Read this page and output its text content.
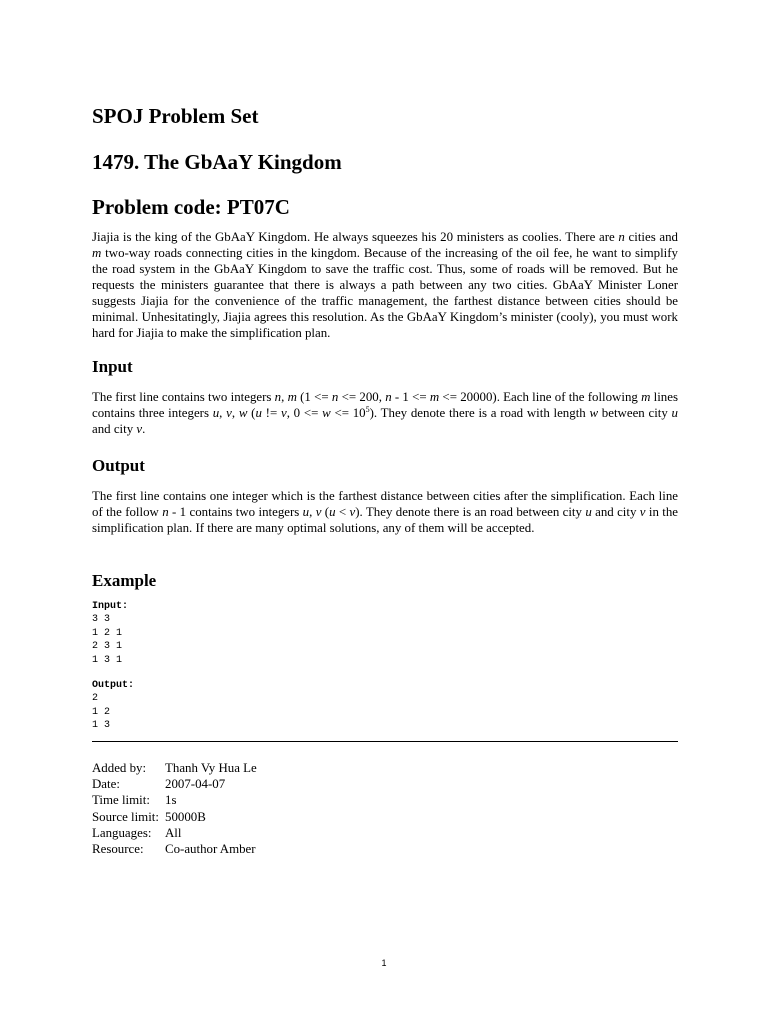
SPOJ Problem Set
1479. The GbAaY Kingdom
Problem code: PT07C

Jiajia is the king of the GbAaY Kingdom. He always squeezes his 20 ministers as coolies. There are n cities and m two-way roads connecting cities in the kingdom. Because of the increasing of the oil fee, he want to simplify the road system in the GbAaY Kingdom to save the traffic cost. Thus, some of roads will be removed. But he requests the ministers guarantee that there is always a path between any two cities. GbAaY Minister Loner suggests Jiajia for the convenience of the traffic management, the farthest distance between cities should be minimal. Unhesitatingly, Jiajia agrees this resolution. As the GbAaY Kingdom’s minister (cooly), you must work hard for Jiajia to make the simplification plan.

Input

The first line contains two integers n, m (1 <= n <= 200, n - 1 <= m <= 20000). Each line of the following m lines contains three integers u, v, w (u != v, $0 <= w <= 10^5$). They denote there is a road with length w between city u and city v.

Output

The first line contains one integer which is the farthest distance between cities after the simplification. Each line of the follow n - 1 contains two integers u, v (u < v). They denote there is an road between city u and city v in the simplification plan. If there are many optimal solutions, any of them will be accepted.

Example
Input:
3 3
1 2 1
2 3 1
1 3 1
Output:
2
1 2
1 3
Added by:	Thanh Vy Hua Le
Date:	2007-04-07
Time limit:	1s
Source limit: 50000B
Languages:	All
Resource:	Co-author Amber
1
